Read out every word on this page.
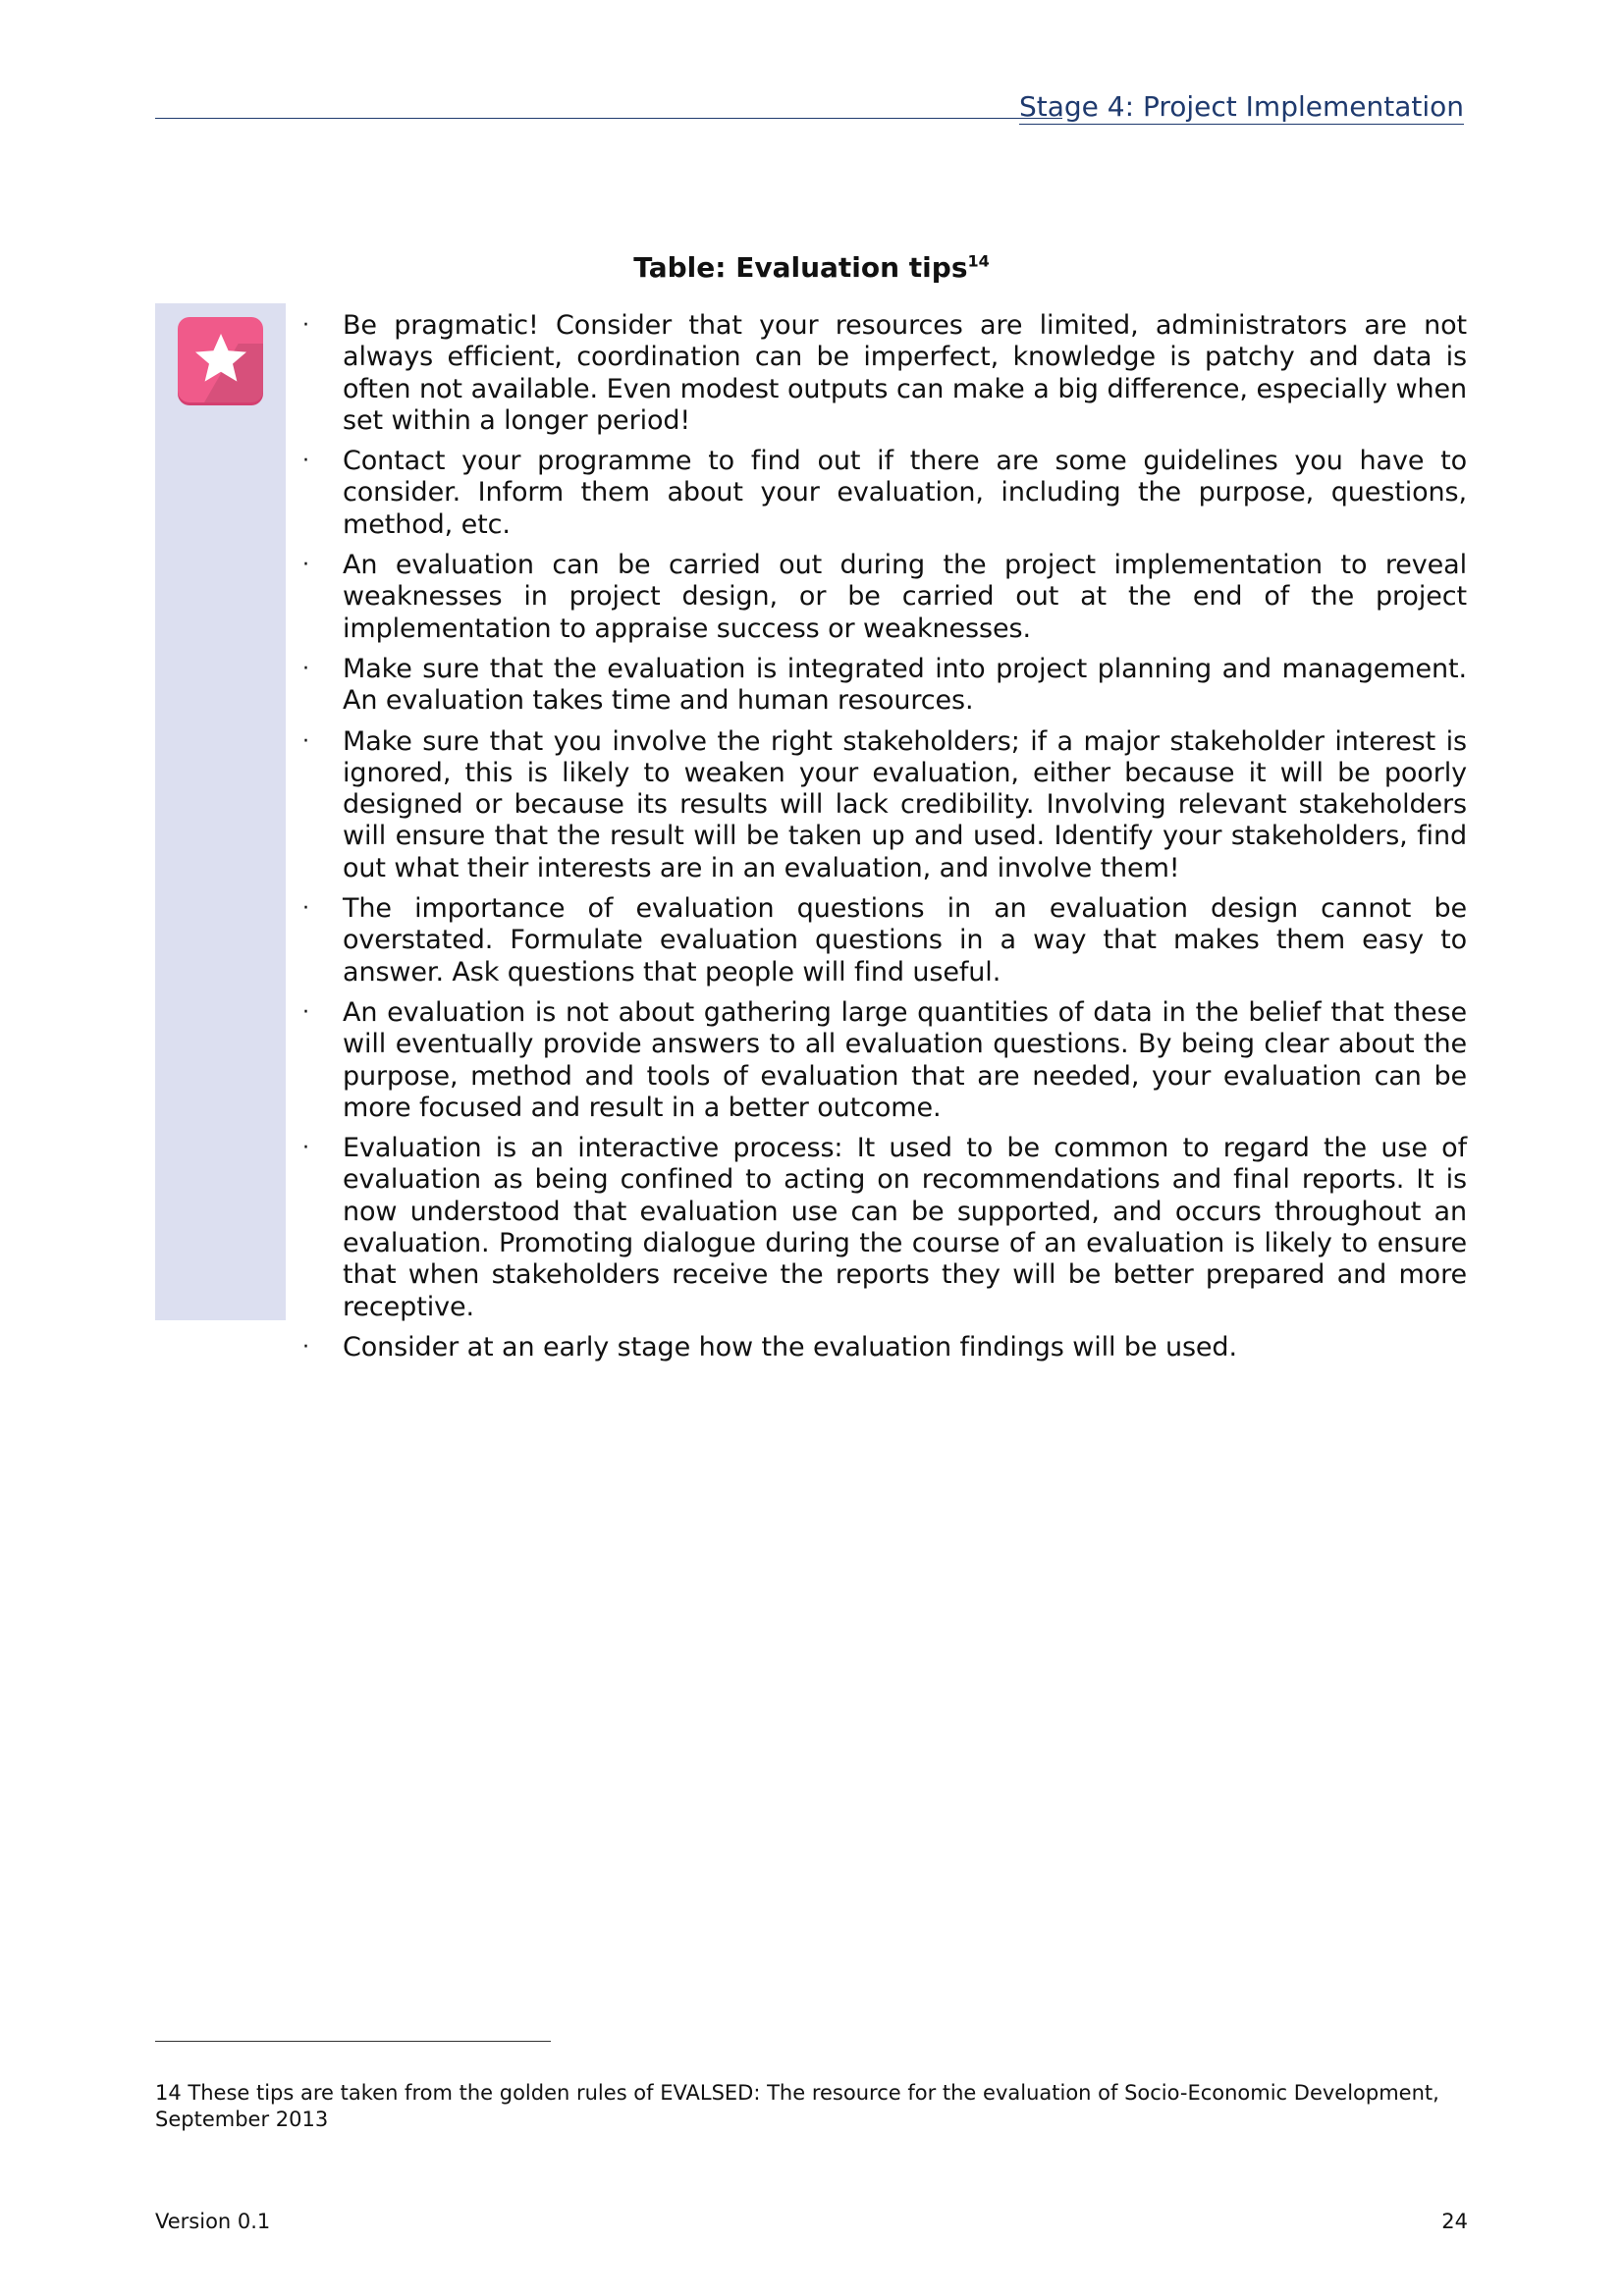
Stage 4: Project Implementation
Table: Evaluation tips$^{14}$
· Be pragmatic! Consider that your resources are limited, administrators are not always efficient, coordination can be imperfect, knowledge is patchy and data is often not available. Even modest outputs can make a big difference, especially when set within a longer period!
· Contact your programme to find out if there are some guidelines you have to consider. Inform them about your evaluation, including the purpose, questions, method, etc.
· An evaluation can be carried out during the project implementation to reveal weaknesses in project design, or be carried out at the end of the project implementation to appraise success or weaknesses.
· Make sure that the evaluation is integrated into project planning and management. An evaluation takes time and human resources.
· Make sure that you involve the right stakeholders; if a major stakeholder interest is ignored, this is likely to weaken your evaluation, either because it will be poorly designed or because its results will lack credibility. Involving relevant stakeholders will ensure that the result will be taken up and used. Identify your stakeholders, find out what their interests are in an evaluation, and involve them!
· The importance of evaluation questions in an evaluation design cannot be overstated. Formulate evaluation questions in a way that makes them easy to answer. Ask questions that people will find useful.
· An evaluation is not about gathering large quantities of data in the belief that these will eventually provide answers to all evaluation questions. By being clear about the purpose, method and tools of evaluation that are needed, your evaluation can be more focused and result in a better outcome.
· Evaluation is an interactive process: It used to be common to regard the use of evaluation as being confined to acting on recommendations and final reports. It is now understood that evaluation use can be supported, and occurs throughout an evaluation. Promoting dialogue during the course of an evaluation is likely to ensure that when stakeholders receive the reports they will be better prepared and more receptive.
· Consider at an early stage how the evaluation findings will be used.
14 These tips are taken from the golden rules of EVALSED: The resource for the evaluation of Socio-Economic Development, September 2013
Version 0.1	24
